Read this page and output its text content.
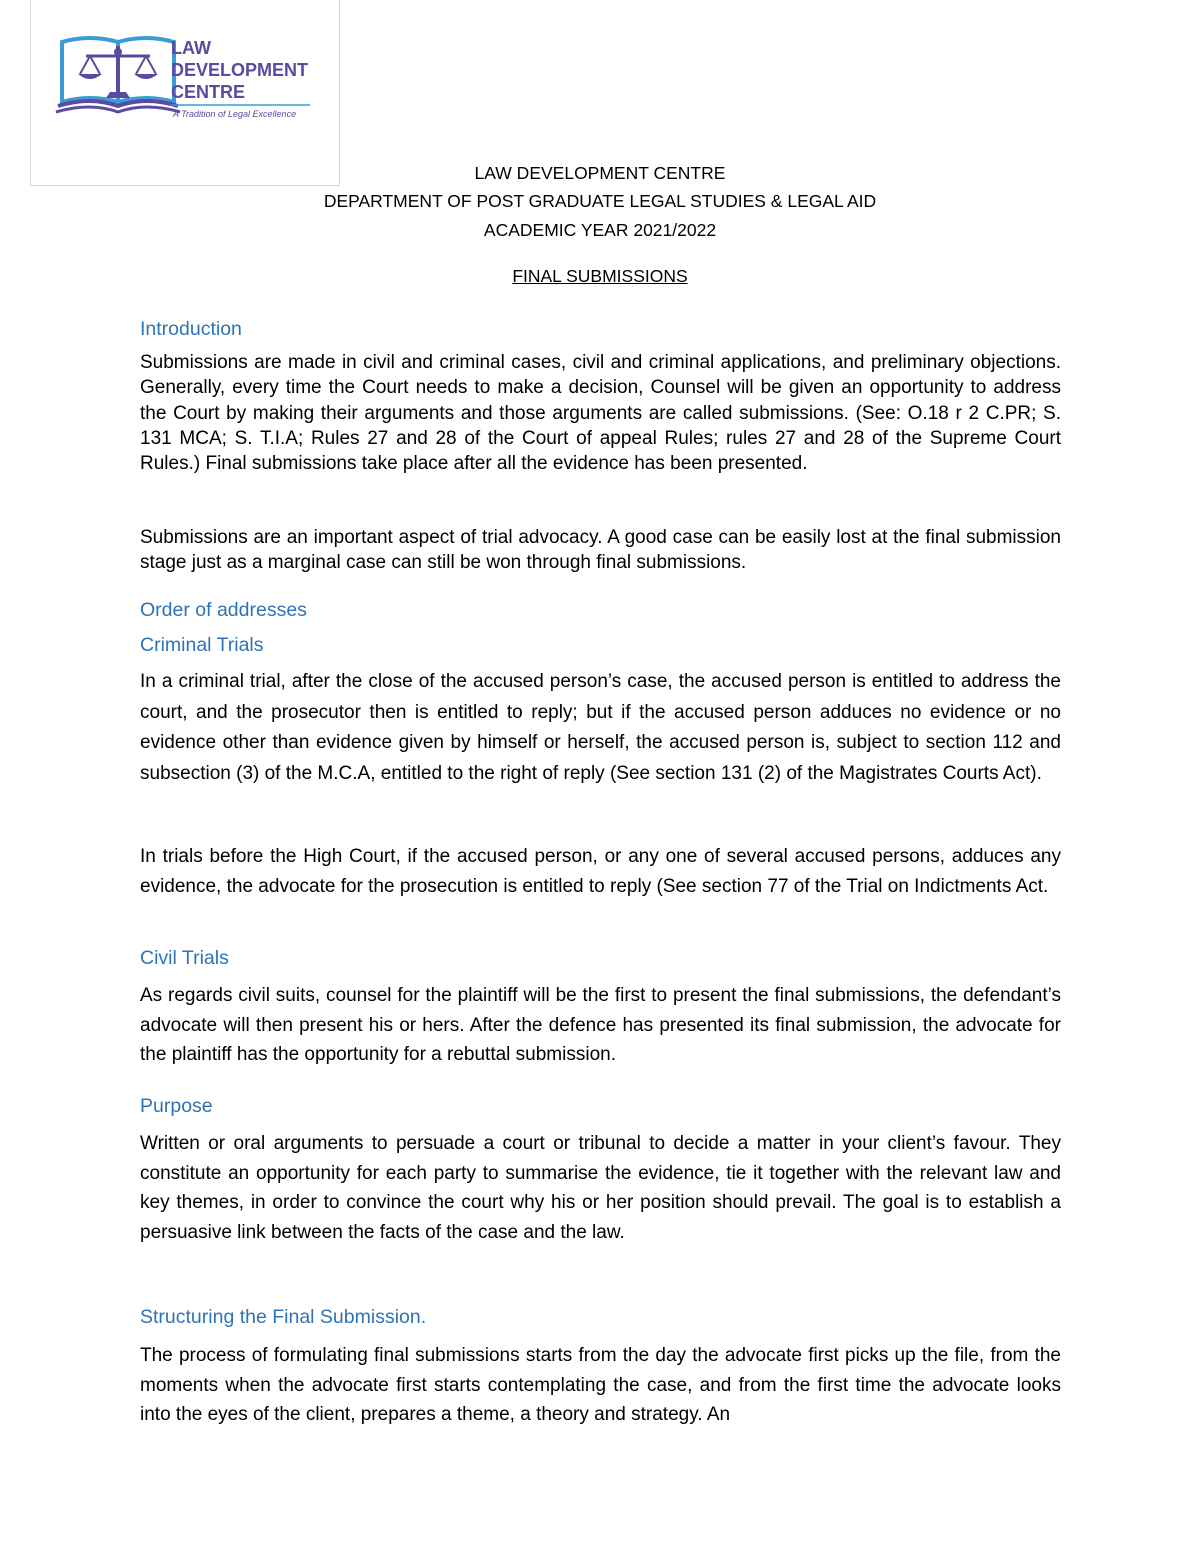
LAW
DEVELOPMENT
CENTRE
A Tradition of Legal Excellence
LAW DEVELOPMENT CENTRE
DEPARTMENT OF POST GRADUATE LEGAL STUDIES & LEGAL AID
ACADEMIC YEAR 2021/2022
FINAL SUBMISSIONS
Introduction

Submissions are made in civil and criminal cases, civil and criminal applications, and preliminary objections. Generally, every time the Court needs to make a decision, Counsel will be given an opportunity to address the Court by making their arguments and those arguments are called submissions. (See: O.18 r 2 C.PR; S. 131 MCA; S. T.I.A; Rules 27 and 28 of the Court of appeal Rules; rules 27 and 28 of the Supreme Court Rules.) Final submissions take place after all the evidence has been presented.

Submissions are an important aspect of trial advocacy. A good case can be easily lost at the final submission stage just as a marginal case can still be won through final submissions.

Order of addresses
Criminal Trials

In a criminal trial, after the close of the accused person’s case, the accused person is entitled to address the court, and the prosecutor then is entitled to reply; but if the accused person adduces no evidence or no evidence other than evidence given by himself or herself, the accused person is, subject to section 112 and subsection (3) of the M.C.A, entitled to the right of reply (See section 131 (2) of the Magistrates Courts Act).

In trials before the High Court, if the accused person, or any one of several accused persons, adduces any evidence, the advocate for the prosecution is entitled to reply (See section 77 of the Trial on Indictments Act.

Civil Trials

As regards civil suits, counsel for the plaintiff will be the first to present the final submissions, the defendant’s advocate will then present his or hers. After the defence has presented its final submission, the advocate for the plaintiff has the opportunity for a rebuttal submission.

Purpose

Written or oral arguments to persuade a court or tribunal to decide a matter in your client’s favour. They constitute an opportunity for each party to summarise the evidence, tie it together with the relevant law and key themes, in order to convince the court why his or her position should prevail. The goal is to establish a persuasive link between the facts of the case and the law.

Structuring the Final Submission.

The process of formulating final submissions starts from the day the advocate first picks up the file, from the moments when the advocate first starts contemplating the case, and from the first time the advocate looks into the eyes of the client, prepares a theme, a theory and strategy. An
